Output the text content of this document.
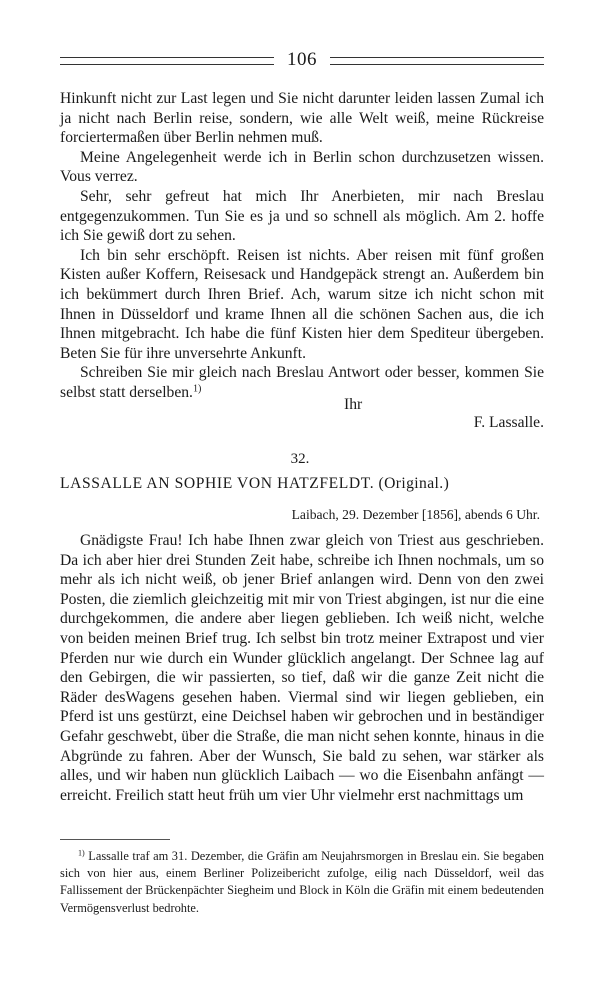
106

Hinkunft nicht zur Last legen und Sie nicht darunter leiden lassen Zumal ich ja nicht nach Berlin reise, sondern, wie alle Welt weiß, meine Rückreise forciertermaßen über Berlin nehmen muß.

Meine Angelegenheit werde ich in Berlin schon durchzusetzen wissen. Vous verrez.

Sehr, sehr gefreut hat mich Ihr Anerbieten, mir nach Breslau entgegenzukommen. Tun Sie es ja und so schnell als möglich. Am 2. hoffe ich Sie gewiß dort zu sehen.

Ich bin sehr erschöpft. Reisen ist nichts. Aber reisen mit fünf großen Kisten außer Koffern, Reisesack und Handgepäck strengt an. Außerdem bin ich bekümmert durch Ihren Brief. Ach, warum sitze ich nicht schon mit Ihnen in Düsseldorf und krame Ihnen all die schönen Sachen aus, die ich Ihnen mitgebracht. Ich habe die fünf Kisten hier dem Spediteur übergeben. Beten Sie für ihre unversehrte Ankunft.

Schreiben Sie mir gleich nach Breslau Antwort oder besser, kommen Sie selbst statt derselben.$^{1)}$

Ihr
F. Lassalle.
32.
LASSALLE AN SOPHIE VON HATZFELDT. (Original.)
Laibach, 29. Dezember [1856], abends 6 Uhr.

Gnädigste Frau! Ich habe Ihnen zwar gleich von Triest aus geschrieben. Da ich aber hier drei Stunden Zeit habe, schreibe ich Ihnen nochmals, um so mehr als ich nicht weiß, ob jener Brief anlangen wird. Denn von den zwei Posten, die ziemlich gleichzeitig mit mir von Triest abgingen, ist nur die eine durchgekommen, die andere aber liegen geblieben. Ich weiß nicht, welche von beiden meinen Brief trug. Ich selbst bin trotz meiner Extrapost und vier Pferden nur wie durch ein Wunder glücklich angelangt. Der Schnee lag auf den Gebirgen, die wir passierten, so tief, daß wir die ganze Zeit nicht die Räder desWagens gesehen haben. Viermal sind wir liegen geblieben, ein Pferd ist uns gestürzt, eine Deichsel haben wir gebrochen und in beständiger Gefahr geschwebt, über die Straße, die man nicht sehen konnte, hinaus in die Abgründe zu fahren. Aber der Wunsch, Sie bald zu sehen, war stärker als alles, und wir haben nun glücklich Laibach — wo die Eisenbahn anfängt — erreicht. Freilich statt heut früh um vier Uhr vielmehr erst nachmittags um

$^{1)}$ Lassalle traf am 31. Dezember, die Gräfin am Neujahrsmorgen in Breslau ein. Sie begaben sich von hier aus, einem Berliner Polizeibericht zufolge, eilig nach Düsseldorf, weil das Fallissement der Brückenpächter Siegheim und Block in Köln die Gräfin mit einem bedeutenden Vermögensverlust bedrohte.
